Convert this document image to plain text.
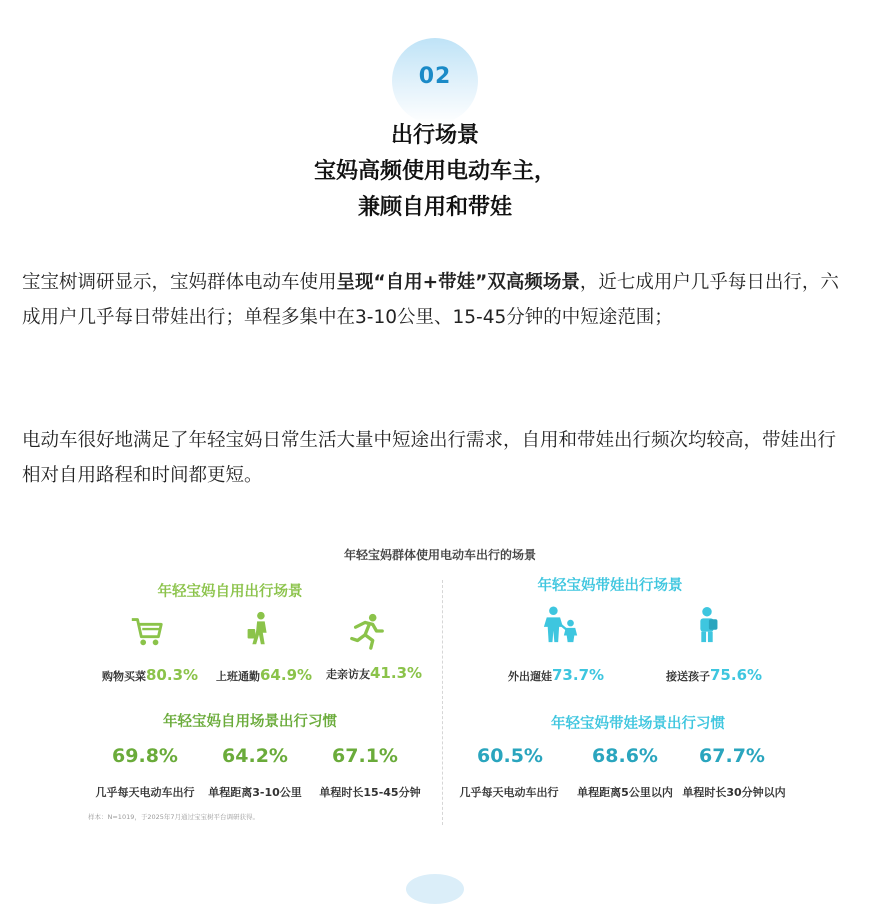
02
出行场景
宝妈高频使用电动车主，
兼顾自用和带娃
宝宝树调研显示，宝妈群体电动车使用呈现“自用+带娃”双高频场景，近七成用户几乎每日出行，六成用户几乎每日带娃出行；单程多集中在3-10公里、15-45分钟的中短途范围；
电动车很好地满足了年轻宝妈日常生活大量中短途出行需求，自用和带娃出行频次均较高，带娃出行相对自用路程和时间都更短。
年轻宝妈群体使用电动车出行的场景
年轻宝妈自用出行场景
购物买菜80.3% 上班通勤64.9% 走亲访友41.3%
年轻宝妈自用场景出行习惯
69.8%	64.2%	67.1%
几乎每天电动车出行	单程距离3-10公里	单程时长15-45分钟
年轻宝妈带娃出行场景
外出遛娃73.7%	接送孩子75.6%
年轻宝妈带娃场景出行习惯
60.5%	68.6%	67.7%
几乎每天电动车出行	单程距离5公里以内 单程时长30分钟以内
样本：N=1019，于2025年7月通过宝宝树平台调研获得。
